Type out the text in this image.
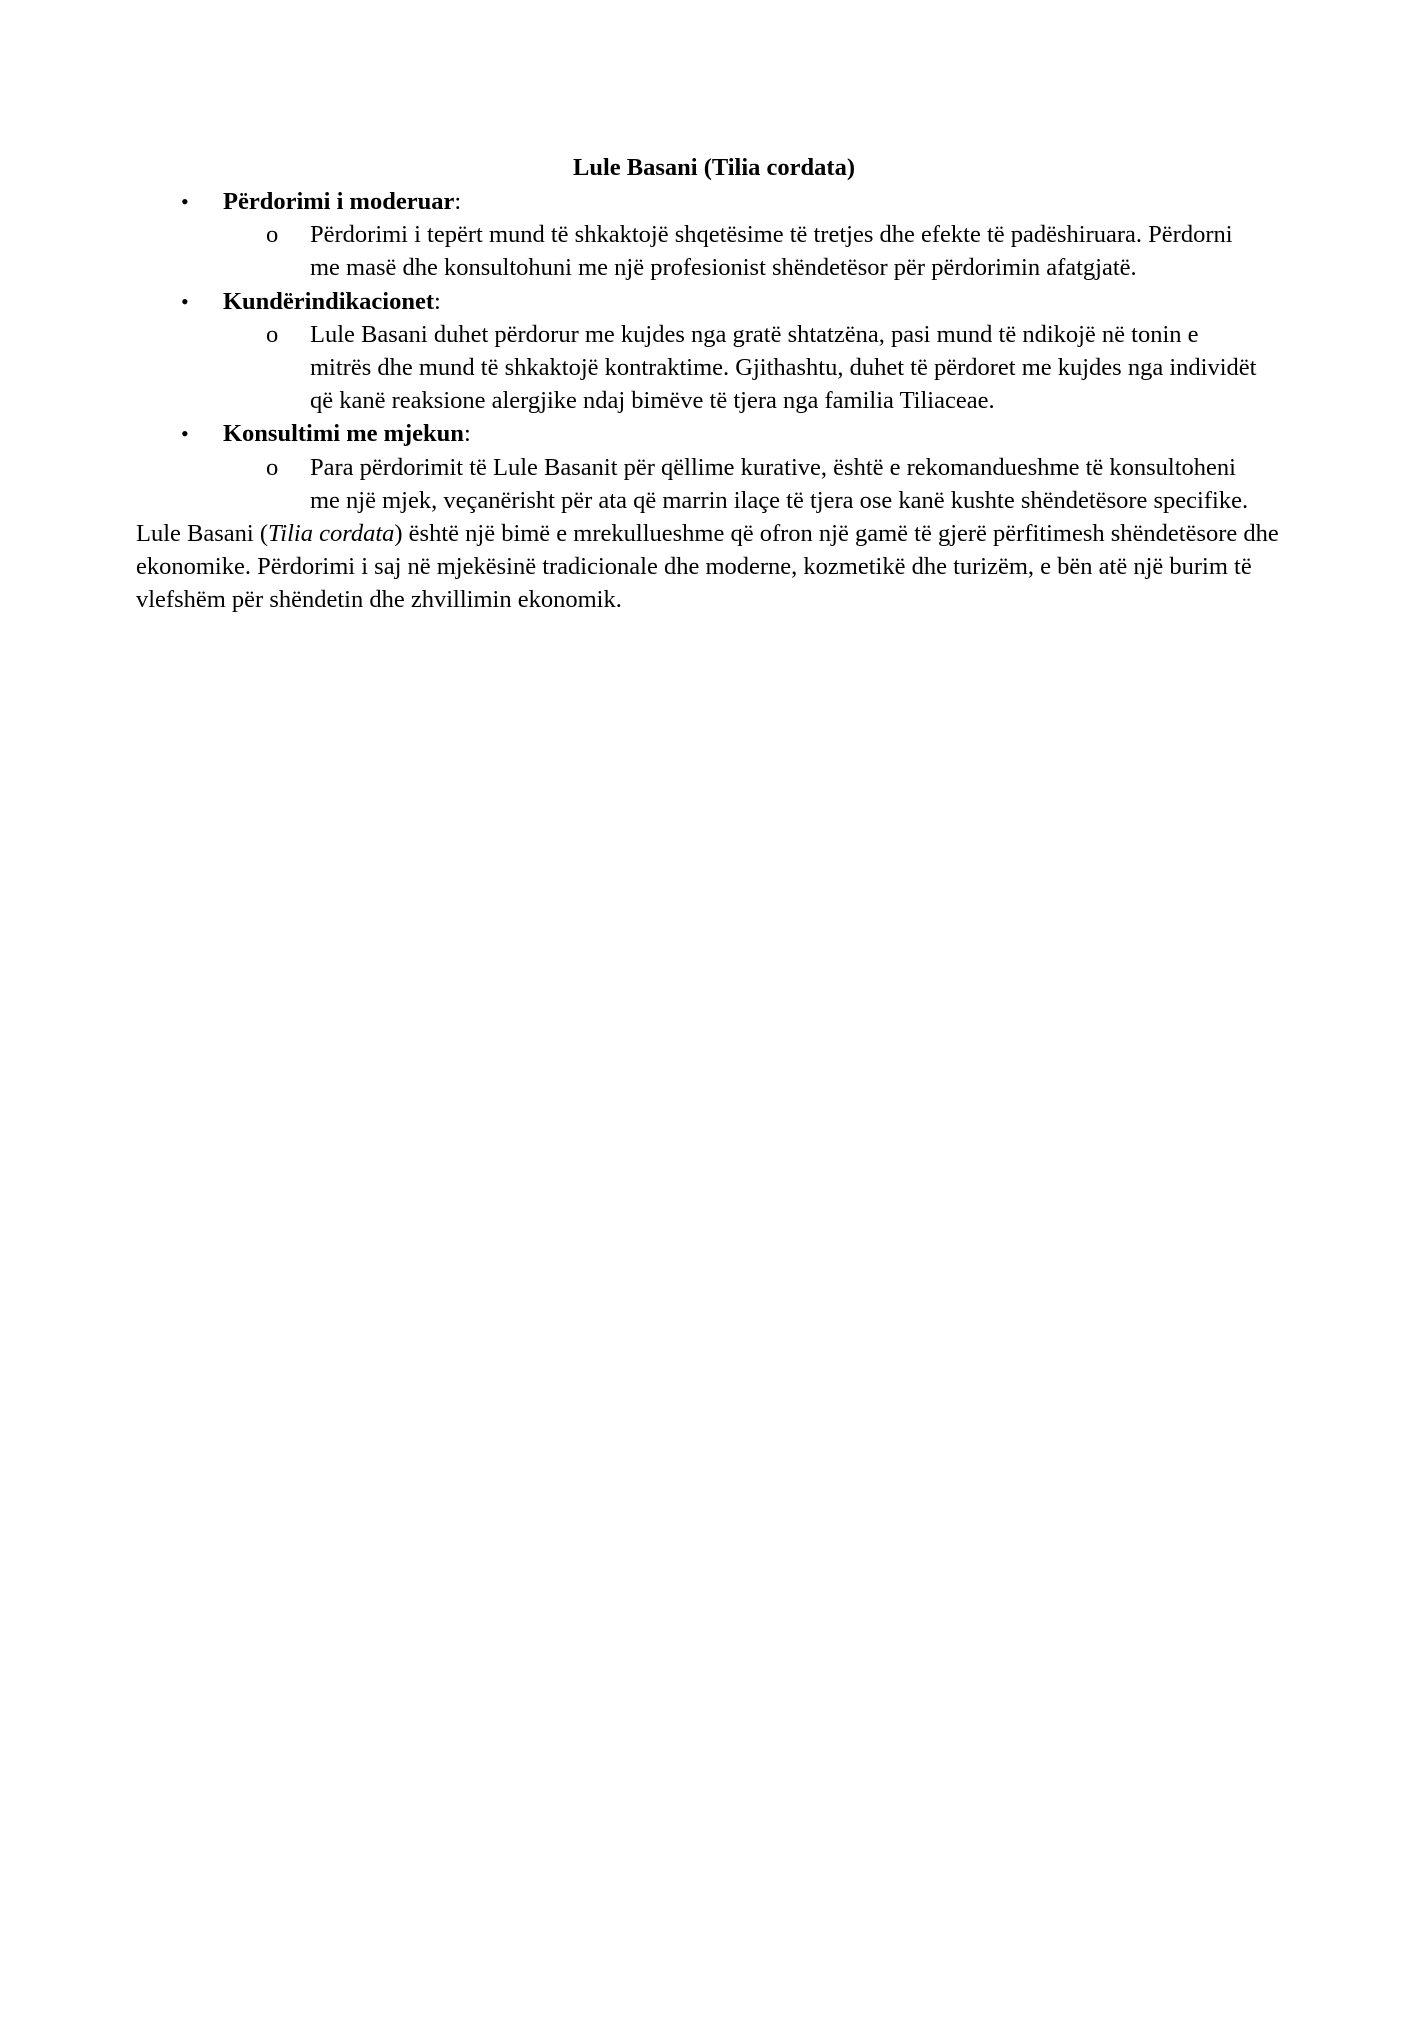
Lule Basani (Tilia cordata)
• Përdorimi i moderuar:
o Përdorimi i tepërt mund të shkaktojë shqetësime të tretjes dhe efekte të padëshiruara. Përdorni me masë dhe konsultohuni me një profesionist shëndetësor për përdorimin afatgjatë.
• Kundërindikacionet:
o Lule Basani duhet përdorur me kujdes nga gratë shtatzëna, pasi mund të ndikojë në tonin e mitrës dhe mund të shkaktojë kontraktime. Gjithashtu, duhet të përdoret me kujdes nga individët që kanë reaksione alergjike ndaj bimëve të tjera nga familia Tiliaceae.
• Konsultimi me mjekun:
o Para përdorimit të Lule Basanit për qëllime kurative, është e rekomandueshme të konsultoheni me një mjek, veçanërisht për ata që marrin ilaçe të tjera ose kanë kushte shëndetësore specifike.
Lule Basani (Tilia cordata) është një bimë e mrekullueshme që ofron një gamë të gjerë përfitimesh shëndetësore dhe ekonomike. Përdorimi i saj në mjekësinë tradicionale dhe moderne, kozmetikë dhe turizëm, e bën atë një burim të vlefshëm për shëndetin dhe zhvillimin ekonomik.
